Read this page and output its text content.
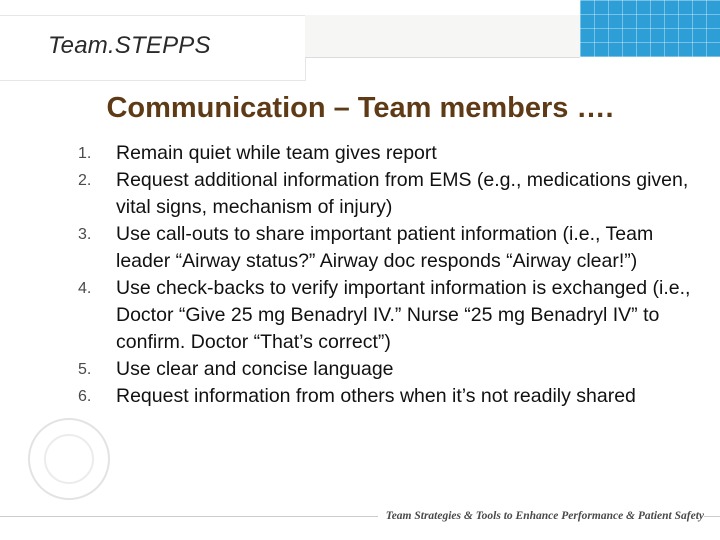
Team.STEPPS
Communication – Team members ….
1.	Remain quiet while team gives report
2.	Request additional information from EMS (e.g., medications given, vital signs, mechanism of injury)
3.	Use call-outs to share important patient information (i.e., Team leader “Airway status?” Airway doc responds “Airway clear!”)
4.	Use check-backs to verify important information is exchanged (i.e., Doctor “Give 25 mg Benadryl IV.” Nurse “25 mg Benadryl IV” to confirm. Doctor “That’s correct”)
5.	Use clear and concise language
6.	Request information from others when it’s not readily shared
Team Strategies & Tools to Enhance Performance & Patient Safety
